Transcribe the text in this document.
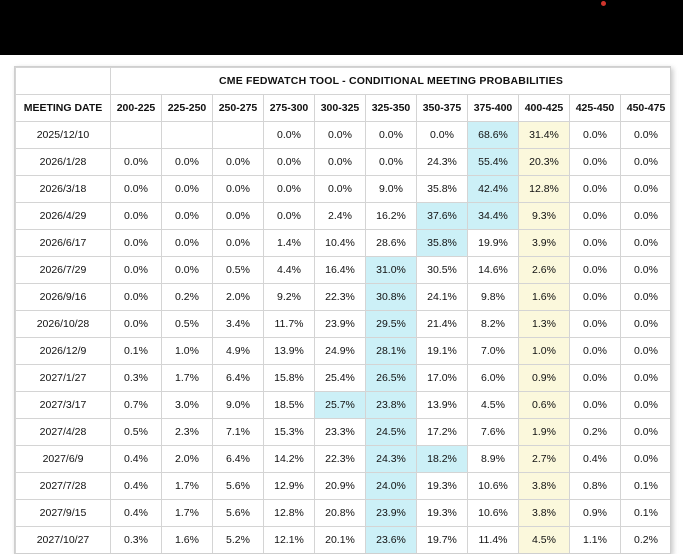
	CME FEDWATCH TOOL - CONDITIONAL MEETING PROBABILITIES										
MEETING DATE	200-225	225-250	250-275	275-300	300-325	325-350	350-375	375-400	400-425	425-450	450-475
2025/12/10				0.0%	0.0%	0.0%	0.0%	68.6%	31.4%	0.0%	0.0%
2026/1/28	0.0%	0.0%	0.0%	0.0%	0.0%	0.0%	24.3%	55.4%	20.3%	0.0%	0.0%
2026/3/18	0.0%	0.0%	0.0%	0.0%	0.0%	9.0%	35.8%	42.4%	12.8%	0.0%	0.0%
2026/4/29	0.0%	0.0%	0.0%	0.0%	2.4%	16.2%	37.6%	34.4%	9.3%	0.0%	0.0%
2026/6/17	0.0%	0.0%	0.0%	1.4%	10.4%	28.6%	35.8%	19.9%	3.9%	0.0%	0.0%
2026/7/29	0.0%	0.0%	0.5%	4.4%	16.4%	31.0%	30.5%	14.6%	2.6%	0.0%	0.0%
2026/9/16	0.0%	0.2%	2.0%	9.2%	22.3%	30.8%	24.1%	9.8%	1.6%	0.0%	0.0%
2026/10/28	0.0%	0.5%	3.4%	11.7%	23.9%	29.5%	21.4%	8.2%	1.3%	0.0%	0.0%
2026/12/9	0.1%	1.0%	4.9%	13.9%	24.9%	28.1%	19.1%	7.0%	1.0%	0.0%	0.0%
2027/1/27	0.3%	1.7%	6.4%	15.8%	25.4%	26.5%	17.0%	6.0%	0.9%	0.0%	0.0%
2027/3/17	0.7%	3.0%	9.0%	18.5%	25.7%	23.8%	13.9%	4.5%	0.6%	0.0%	0.0%
2027/4/28	0.5%	2.3%	7.1%	15.3%	23.3%	24.5%	17.2%	7.6%	1.9%	0.2%	0.0%
2027/6/9	0.4%	2.0%	6.4%	14.2%	22.3%	24.3%	18.2%	8.9%	2.7%	0.4%	0.0%
2027/7/28	0.4%	1.7%	5.6%	12.9%	20.9%	24.0%	19.3%	10.6%	3.8%	0.8%	0.1%
2027/9/15	0.4%	1.7%	5.6%	12.8%	20.8%	23.9%	19.3%	10.6%	3.8%	0.9%	0.1%
2027/10/27	0.3%	1.6%	5.2%	12.1%	20.1%	23.6%	19.7%	11.4%	4.5%	1.1%	0.2%
